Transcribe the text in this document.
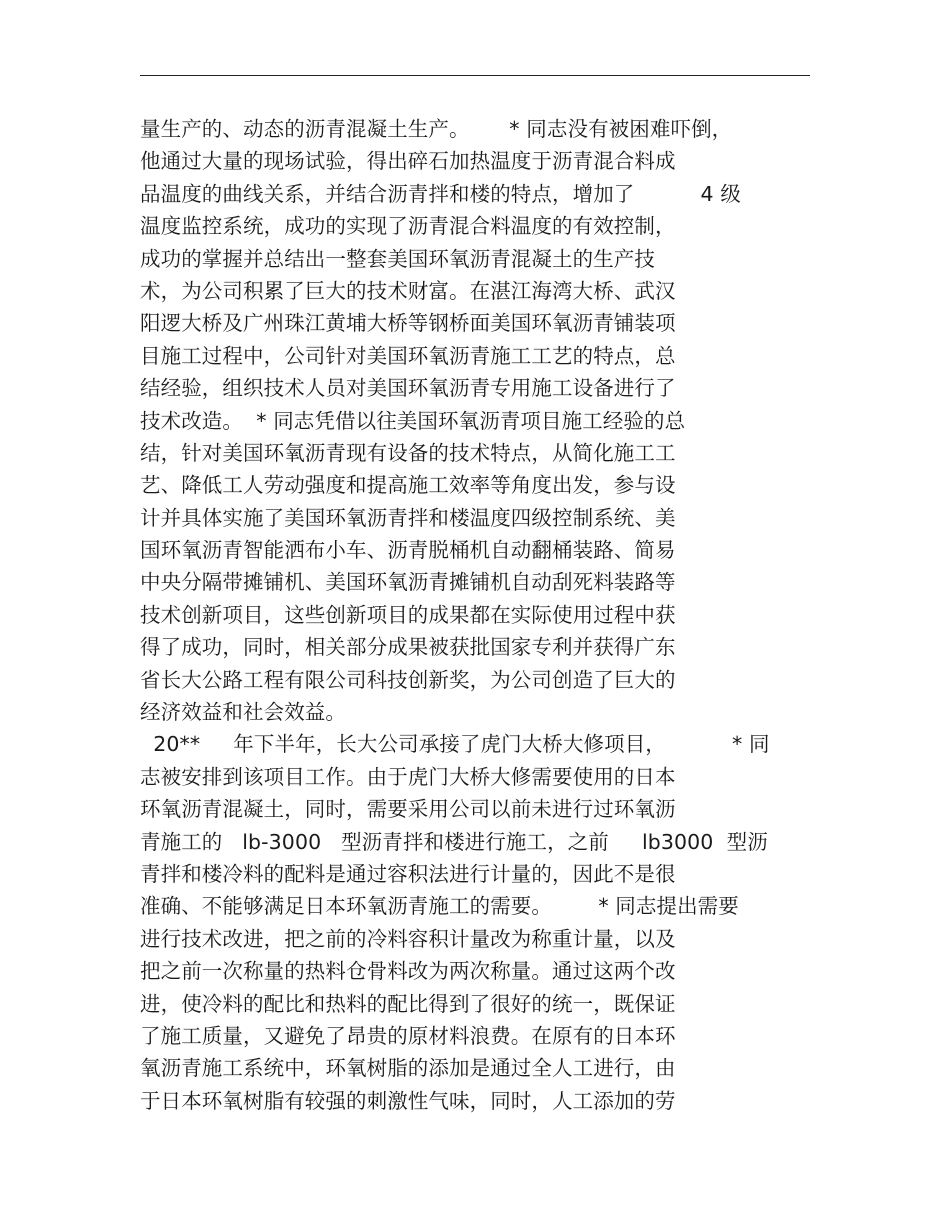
量生产的、动态的沥青混凝土生产。      * 同志没有被困难吓倒，
他通过大量的现场试验，得出碎石加热温度于沥青混合料成
品温度的曲线关系，并结合沥青拌和楼的特点，增加了          4 级
温度监控系统，成功的实现了沥青混合料温度的有效控制，
成功的掌握并总结出一整套美国环氧沥青混凝土的生产技
术，为公司积累了巨大的技术财富。在湛江海湾大桥、武汉
阳逻大桥及广州珠江黄埔大桥等钢桥面美国环氧沥青铺装项
目施工过程中，公司针对美国环氧沥青施工工艺的特点，总
结经验，组织技术人员对美国环氧沥青专用施工设备进行了
技术改造。  * 同志凭借以往美国环氧沥青项目施工经验的总
结，针对美国环氧沥青现有设备的技术特点，从简化施工工
艺、降低工人劳动强度和提高施工效率等角度出发，参与设
计并具体实施了美国环氧沥青拌和楼温度四级控制系统、美
国环氧沥青智能洒布小车、沥青脱桶机自动翻桶装路、简易
中央分隔带摊铺机、美国环氧沥青摊铺机自动刮死料装路等
技术创新项目，这些创新项目的成果都在实际使用过程中获
得了成功，同时，相关部分成果被获批国家专利并获得广东
省长大公路工程有限公司科技创新奖，为公司创造了巨大的
经济效益和社会效益。
20**     年下半年，长大公司承接了虎门大桥大修项目，          * 同
志被安排到该项目工作。由于虎门大桥大修需要使用的日本
环氧沥青混凝土，同时，需要采用公司以前未进行过环氧沥
青施工的   lb-3000   型沥青拌和楼进行施工，之前     lb3000  型沥
青拌和楼冷料的配料是通过容积法进行计量的，因此不是很
准确、不能够满足日本环氧沥青施工的需要。       * 同志提出需要
进行技术改进，把之前的冷料容积计量改为称重计量，以及
把之前一次称量的热料仓骨料改为两次称量。通过这两个改
进，使冷料的配比和热料的配比得到了很好的统一，既保证
了施工质量，又避免了昂贵的原材料浪费。在原有的日本环
氧沥青施工系统中，环氧树脂的添加是通过全人工进行，由
于日本环氧树脂有较强的刺激性气味，同时，人工添加的劳
